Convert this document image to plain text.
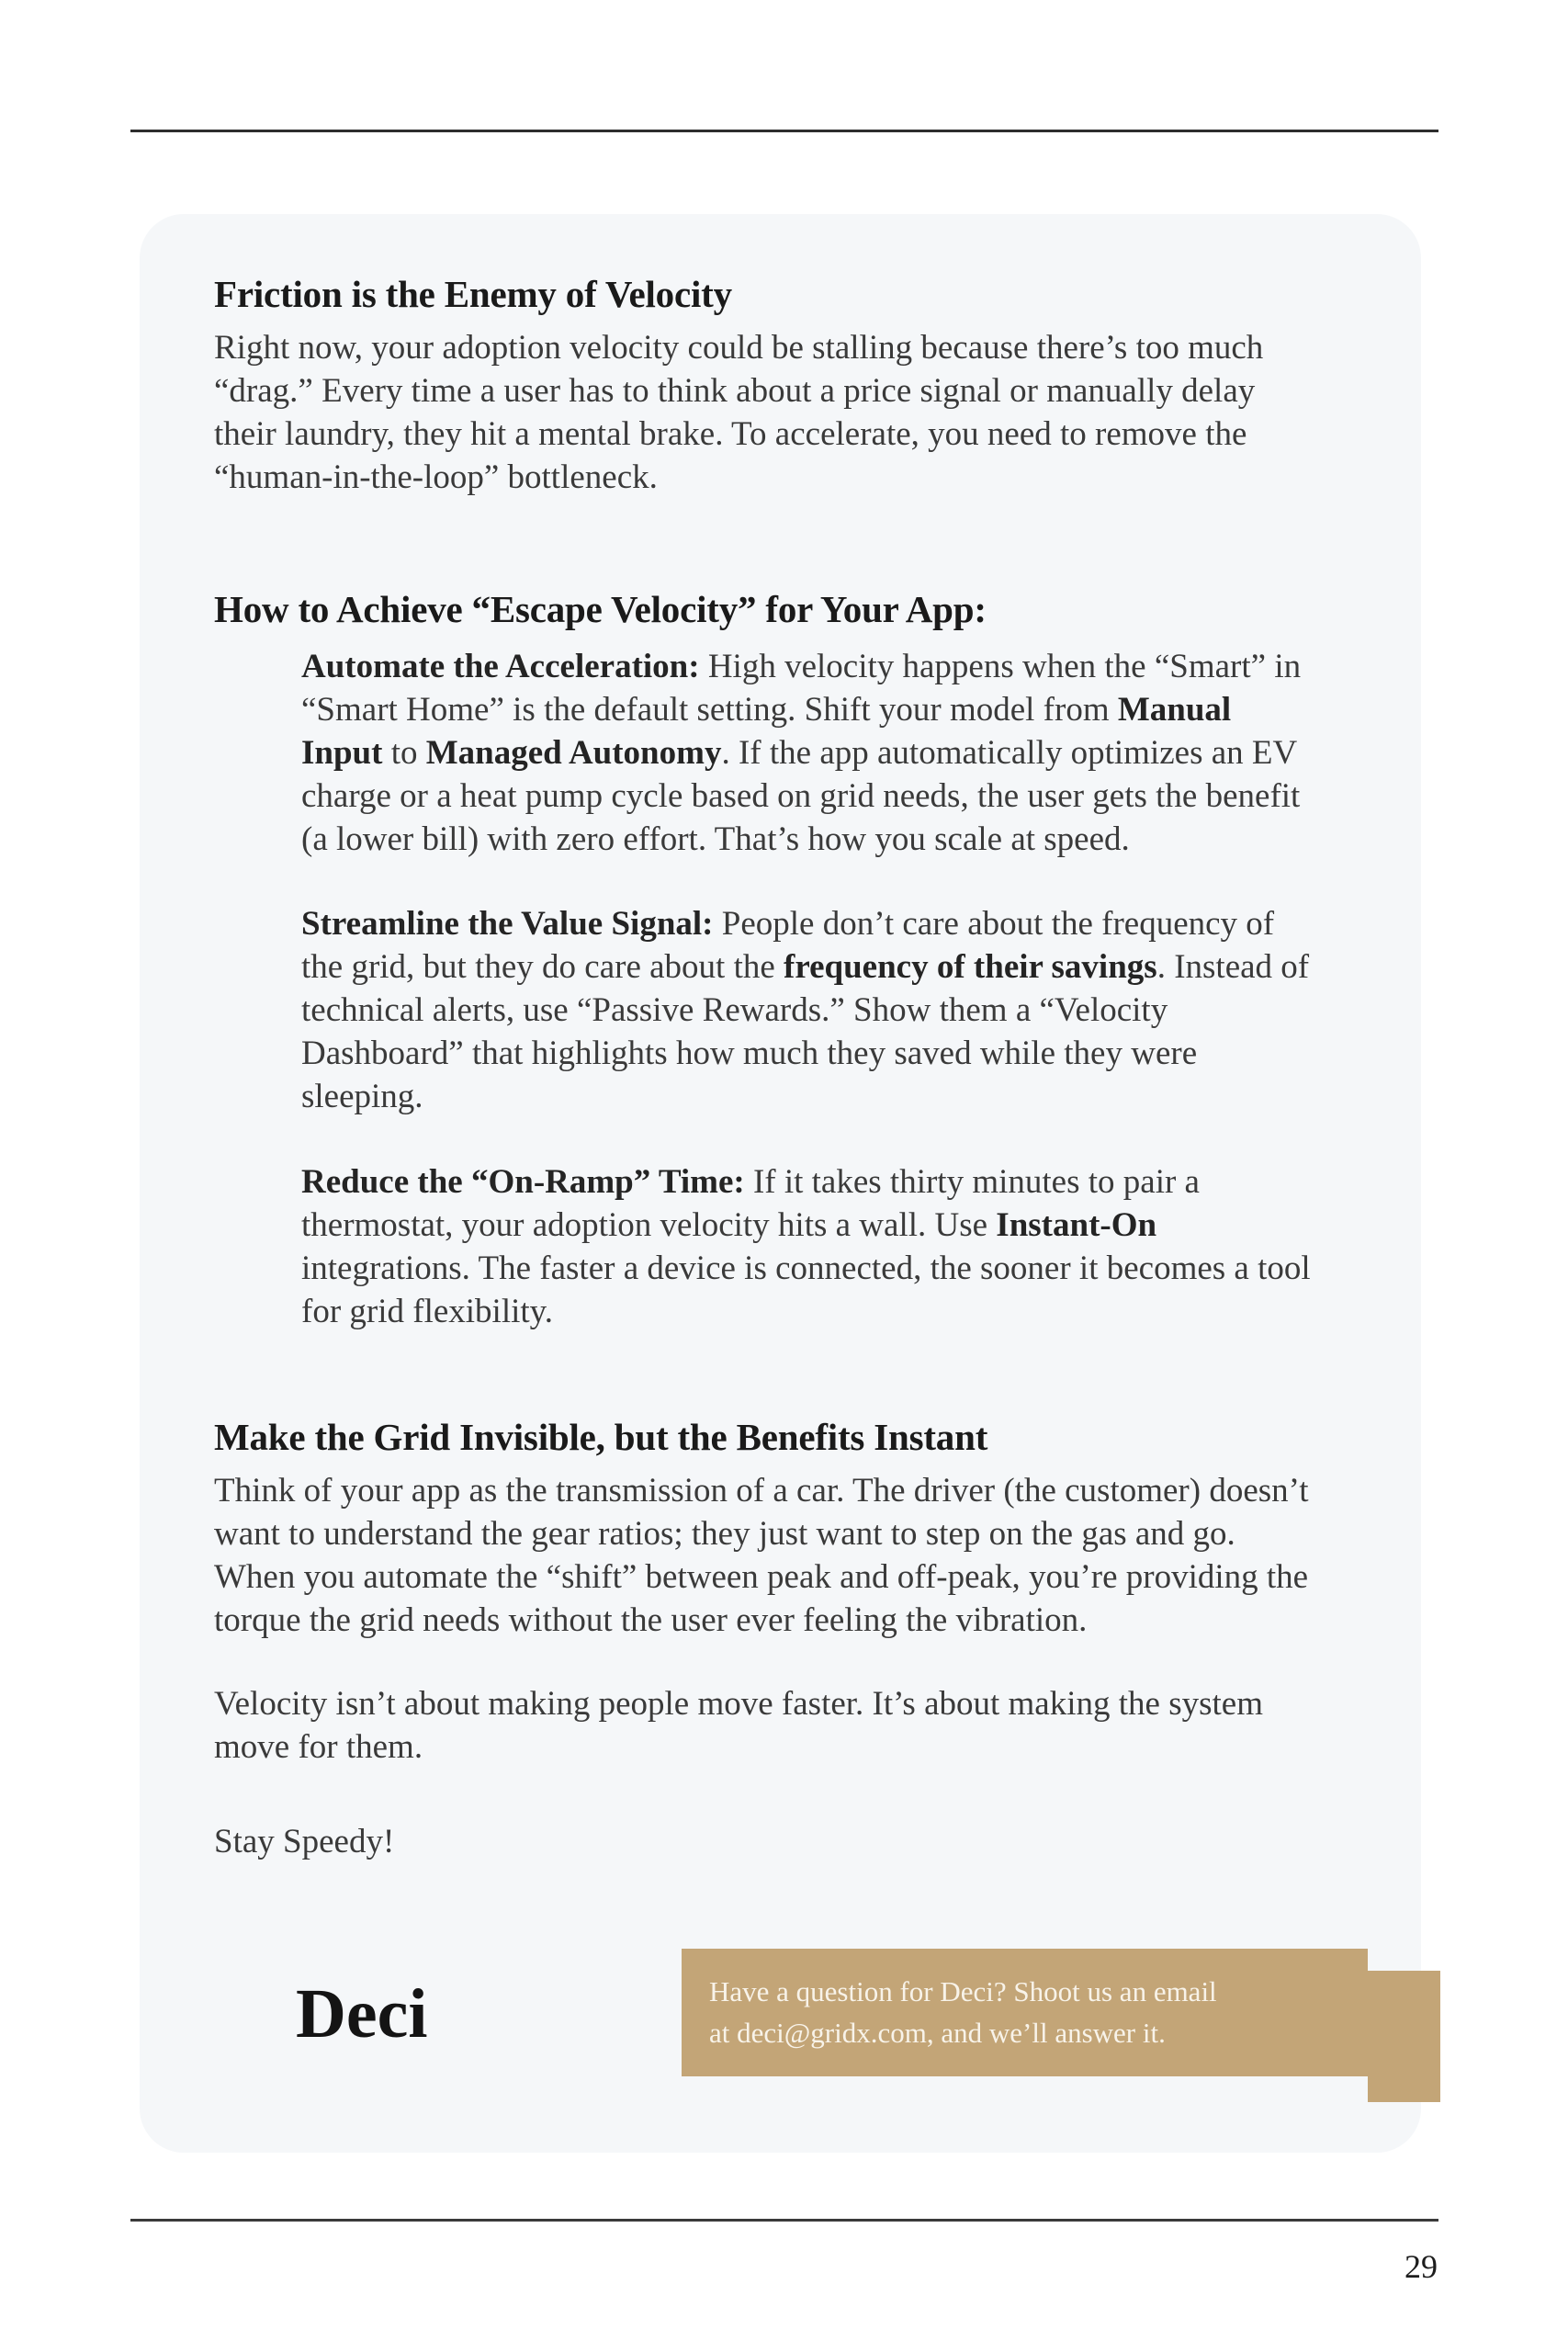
Friction is the Enemy of Velocity

Right now, your adoption velocity could be stalling because there’s too much “drag.” Every time a user has to think about a price signal or manually delay their laundry, they hit a mental brake. To accelerate, you need to remove the “human-in-the-loop” bottleneck.

How to Achieve “Escape Velocity” for Your App:

Automate the Acceleration: High velocity happens when the “Smart” in “Smart Home” is the default setting. Shift your model from Manual Input to Managed Autonomy. If the app automatically optimizes an EV charge or a heat pump cycle based on grid needs, the user gets the benefit (a lower bill) with zero effort. That’s how you scale at speed.

Streamline the Value Signal: People don’t care about the frequency of the grid, but they do care about the frequency of their savings. Instead of technical alerts, use “Passive Rewards.” Show them a “Velocity Dashboard” that highlights how much they saved while they were sleeping.

Reduce the “On-Ramp” Time: If it takes thirty minutes to pair a thermostat, your adoption velocity hits a wall. Use Instant-On integrations. The faster a device is connected, the sooner it becomes a tool for grid flexibility.

Make the Grid Invisible, but the Benefits Instant

Think of your app as the transmission of a car. The driver (the customer) doesn’t want to understand the gear ratios; they just want to step on the gas and go. When you automate the “shift” between peak and off-peak, you’re providing the torque the grid needs without the user ever feeling the vibration.

Velocity isn’t about making people move faster. It’s about making the system move for them.

Stay Speedy!

Deci	Have a question for Deci? Shoot us an email
at deci@gridx.com, and we’ll answer it.
29
